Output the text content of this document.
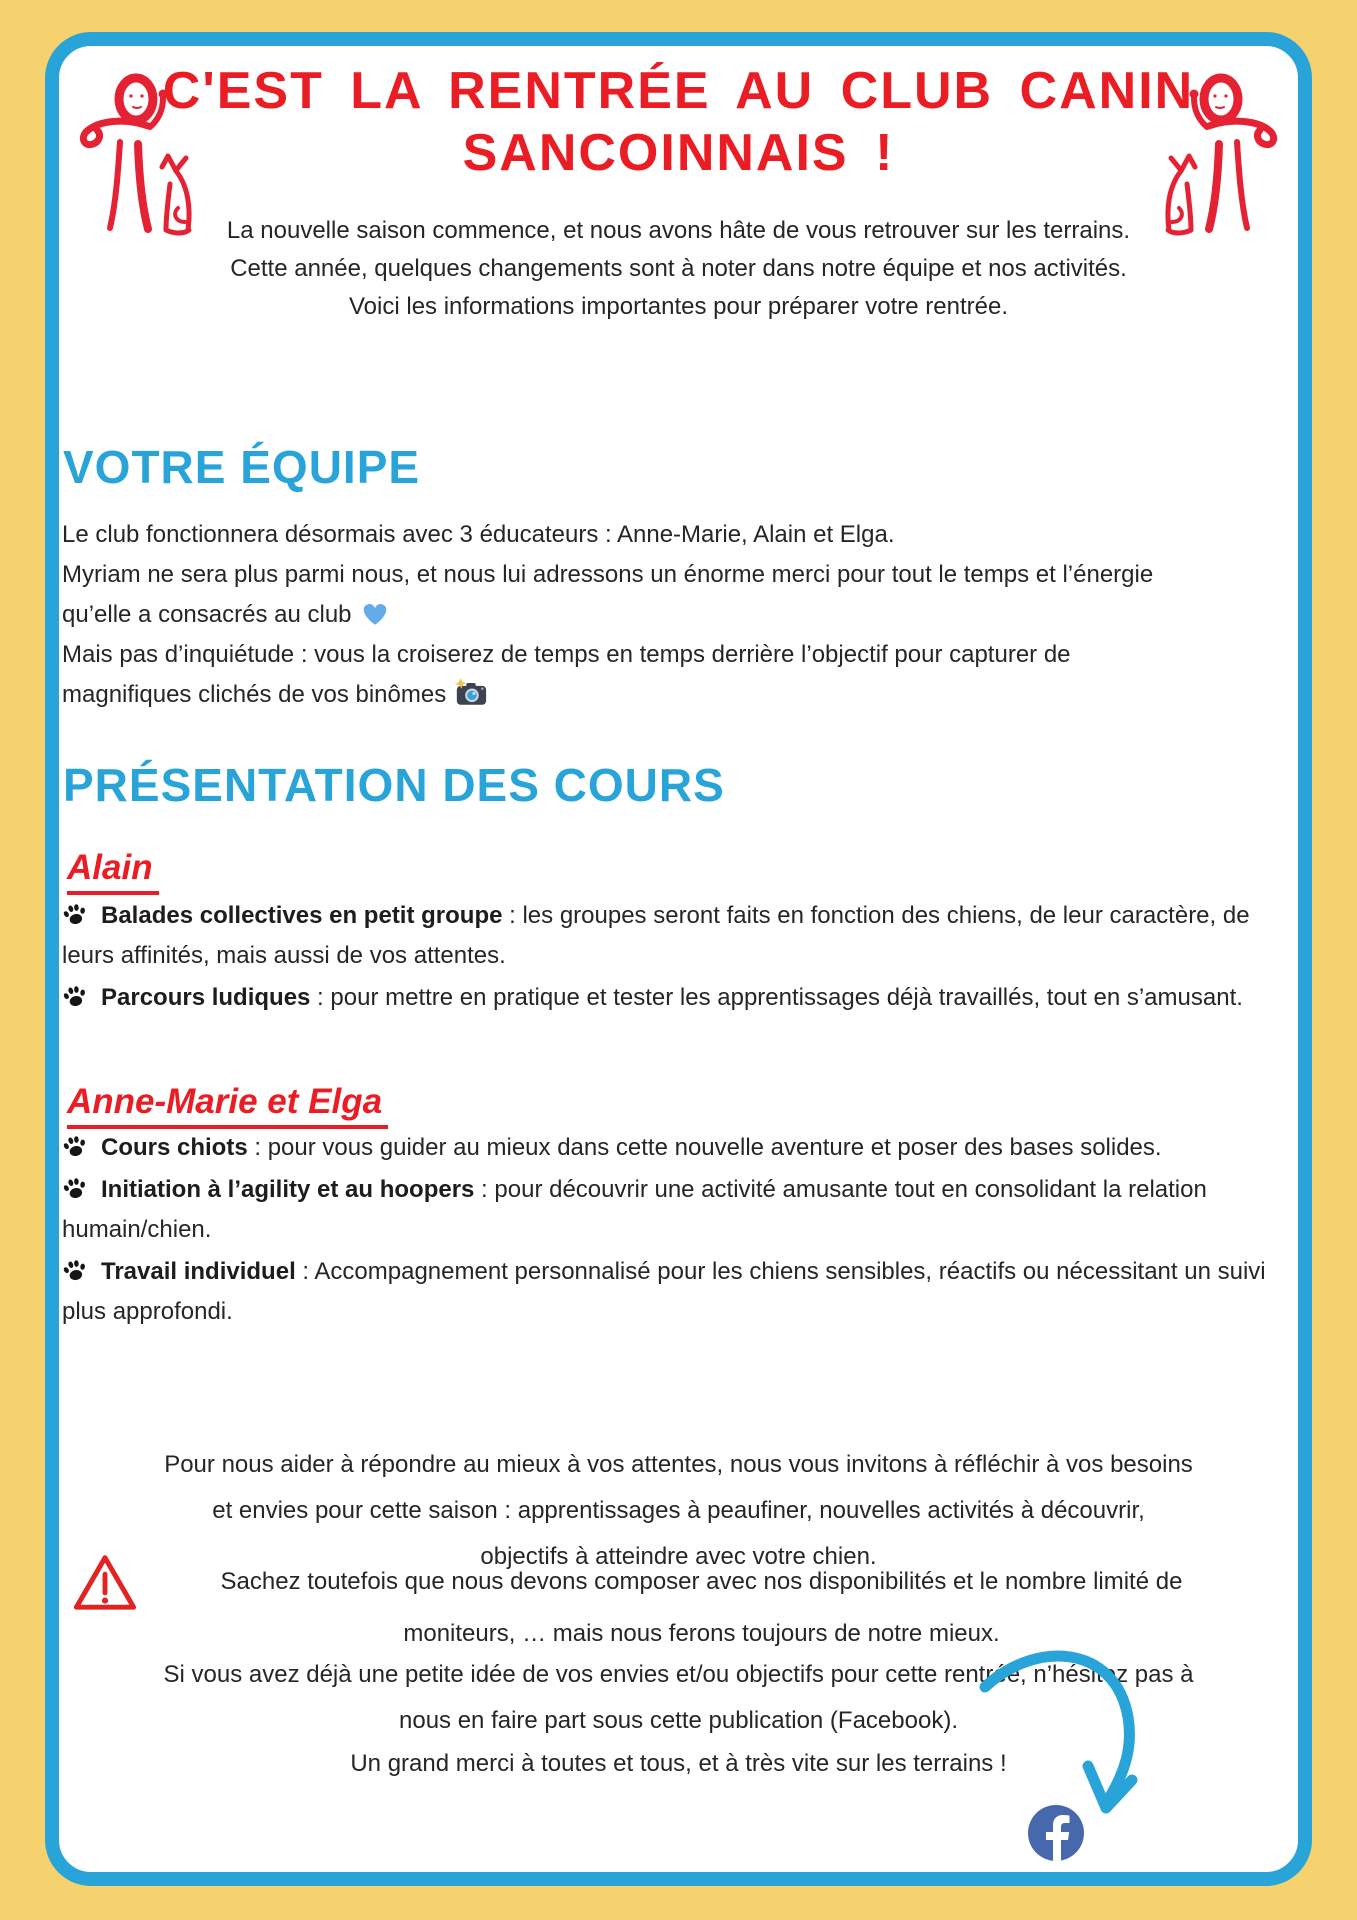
C'EST LA RENTRÉE AU CLUB CANIN
SANCOINNAIS !
La nouvelle saison commence, et nous avons hâte de vous retrouver sur les terrains.
Cette année, quelques changements sont à noter dans notre équipe et nos activités.
Voici les informations importantes pour préparer votre rentrée.
VOTRE ÉQUIPE
Le club fonctionnera désormais avec 3 éducateurs : Anne-Marie, Alain et Elga.
Myriam ne sera plus parmi nous, et nous lui adressons un énorme merci pour tout le temps et l’énergie
qu’elle a consacrés au club
Mais pas d’inquiétude : vous la croiserez de temps en temps derrière l’objectif pour capturer de
magnifiques clichés de vos binômes
PRÉSENTATION DES COURS
Alain
Balades collectives en petit groupe : les groupes seront faits en fonction des chiens, de leur caractère, de leurs affinités, mais aussi de vos attentes.
Parcours ludiques : pour mettre en pratique et tester les apprentissages déjà travaillés, tout en s’amusant.
Anne-Marie et Elga
Cours chiots : pour vous guider au mieux dans cette nouvelle aventure et poser des bases solides.
Initiation à l’agility et au hoopers : pour découvrir une activité amusante tout en consolidant la relation humain/chien.
Travail individuel : Accompagnement personnalisé pour les chiens sensibles, réactifs ou nécessitant un suivi plus approfondi.
Pour nous aider à répondre au mieux à vos attentes, nous vous invitons à réfléchir à vos besoins
et envies pour cette saison : apprentissages à peaufiner, nouvelles activités à découvrir,
objectifs à atteindre avec votre chien.
Sachez toutefois que nous devons composer avec nos disponibilités et le nombre limité de
moniteurs, … mais nous ferons toujours de notre mieux.
Si vous avez déjà une petite idée de vos envies et/ou objectifs pour cette rentrée, n’hésitez pas à
nous en faire part sous cette publication (Facebook).
Un grand merci à toutes et tous, et à très vite sur les terrains !
